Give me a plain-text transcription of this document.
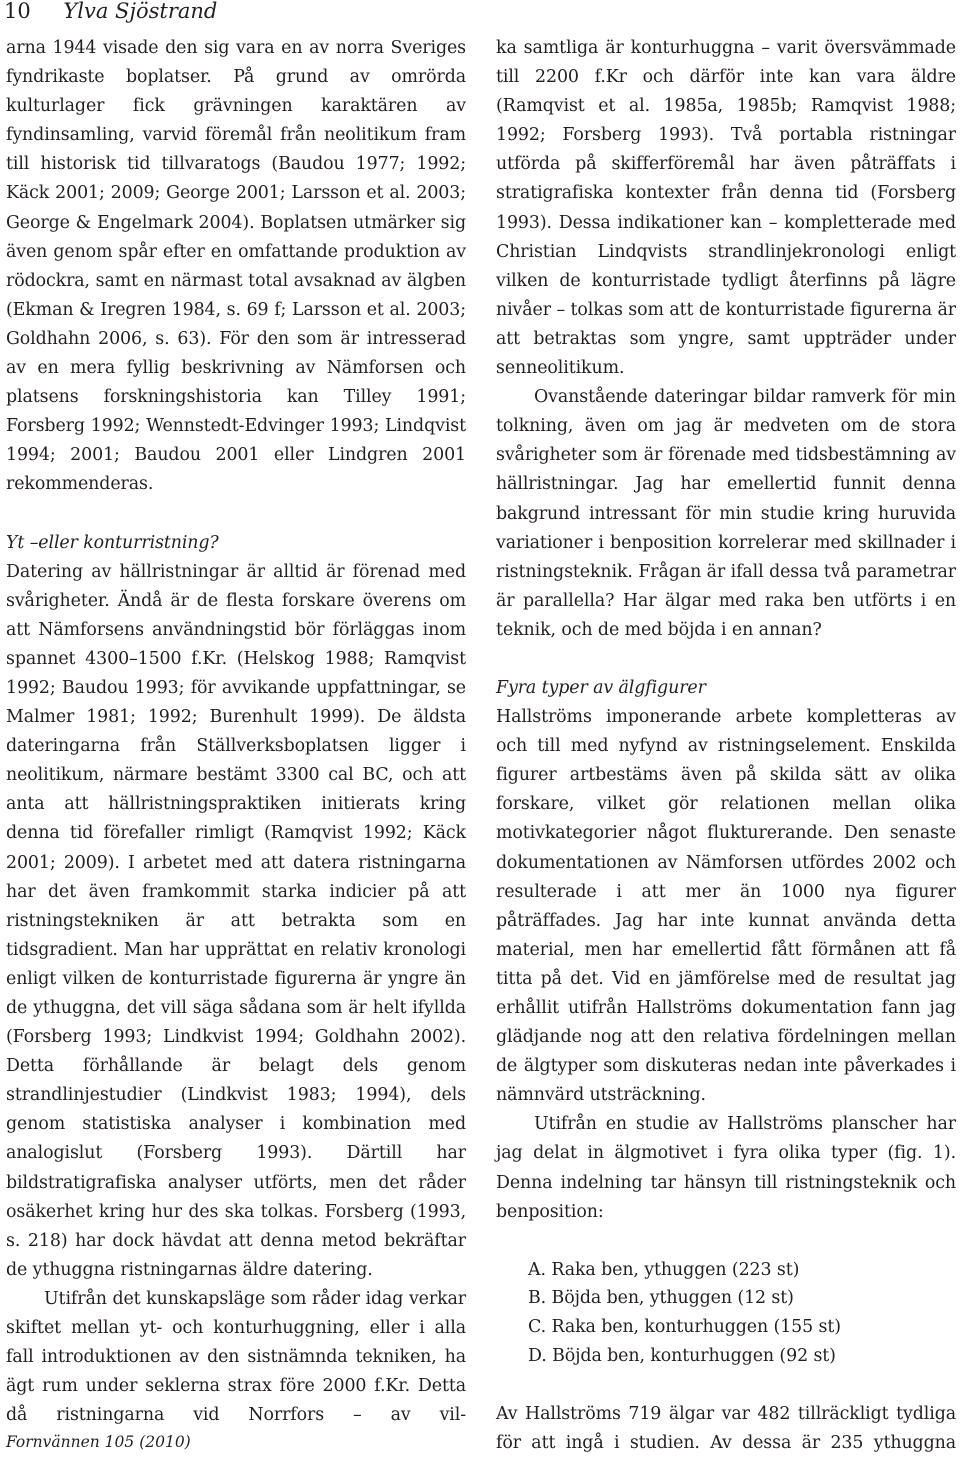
10 Ylva Sjöstrand

arna 1944 visade den sig vara en av norra Sveriges fyndrikaste boplatser. På grund av omrörda kulturlager fick grävningen karaktären av fyndinsamling, varvid föremål från neolitikum fram till historisk tid tillvaratogs (Baudou 1977; 1992; Käck 2001; 2009; George 2001; Larsson et al. 2003; George & Engelmark 2004). Boplatsen utmärker sig även genom spår efter en omfattande produktion av rödockra, samt en närmast total avsaknad av älgben (Ekman & Iregren 1984, s. 69 f; Larsson et al. 2003; Goldhahn 2006, s. 63). För den som är intresserad av en mera fyllig beskrivning av Nämforsen och platsens forskningshistoria kan Tilley 1991; Forsberg 1992; Wennstedt-Edvinger 1993; Lindqvist 1994; 2001; Baudou 2001 eller Lindgren 2001 rekommenderas.

Yt –eller konturristning?

Datering av hällristningar är alltid är förenad med svårigheter. Ändå är de flesta forskare överens om att Nämforsens användningstid bör förläggas inom spannet 4300–1500 f.Kr. (Helskog 1988; Ramqvist 1992; Baudou 1993; för avvikande uppfattningar, se Malmer 1981; 1992; Burenhult 1999). De äldsta dateringarna från Ställverksboplatsen ligger i neolitikum, närmare bestämt 3300 cal BC, och att anta att hällristningspraktiken initierats kring denna tid förefaller rimligt (Ramqvist 1992; Käck 2001; 2009). I arbetet med att datera ristningarna har det även framkommit starka indicier på att ristningstekniken är att betrakta som en tidsgradient. Man har upprättat en relativ kronologi enligt vilken de konturristade figurerna är yngre än de ythuggna, det vill säga sådana som är helt ifyllda (Forsberg 1993; Lindkvist 1994; Goldhahn 2002). Detta förhållande är belagt dels genom strandlinjestudier (Lindkvist 1983; 1994), dels genom statistiska analyser i kombination med analogislut (Forsberg 1993). Därtill har bildstratigrafiska analyser utförts, men det råder osäkerhet kring hur des ska tolkas. Forsberg (1993, s. 218) har dock hävdat att denna metod bekräftar de ythuggna ristningarnas äldre datering.

Utifrån det kunskapsläge som råder idag verkar skiftet mellan yt- och konturhuggning, eller i alla fall introduktionen av den sistnämnda tekniken, ha ägt rum under seklerna strax före 2000 f.Kr. Detta då ristningarna vid Norrfors – av vil-

ka samtliga är konturhuggna – varit översvämmade till 2200 f.Kr och därför inte kan vara äldre (Ramqvist et al. 1985a, 1985b; Ramqvist 1988; 1992; Forsberg 1993). Två portabla ristningar utförda på skifferföremål har även påträffats i stratigrafiska kontexter från denna tid (Forsberg 1993). Dessa indikationer kan – kompletterade med Christian Lindqvists strandlinjekronologi enligt vilken de konturristade tydligt återfinns på lägre nivåer – tolkas som att de konturristade figurerna är att betraktas som yngre, samt uppträder under senneolitikum.

Ovanstående dateringar bildar ramverk för min tolkning, även om jag är medveten om de stora svårigheter som är förenade med tidsbestämning av hällristningar. Jag har emellertid funnit denna bakgrund intressant för min studie kring huruvida variationer i benposition korrelerar med skillnader i ristningsteknik. Frågan är ifall dessa två parametrar är parallella? Har älgar med raka ben utförts i en teknik, och de med böjda i en annan?

Fyra typer av älgfigurer

Hallströms imponerande arbete kompletteras av och till med nyfynd av ristningselement. Enskilda figurer artbestäms även på skilda sätt av olika forskare, vilket gör relationen mellan olika motivkategorier något flukturerande. Den senaste dokumentationen av Nämforsen utfördes 2002 och resulterade i att mer än 1000 nya figurer påträffades. Jag har inte kunnat använda detta material, men har emellertid fått förmånen att få titta på det. Vid en jämförelse med de resultat jag erhållit utifrån Hallströms dokumentation fann jag glädjande nog att den relativa fördelningen mellan de älgtyper som diskuteras nedan inte påverkades i nämnvärd utsträckning.

Utifrån en studie av Hallströms planscher har jag delat in älgmotivet i fyra olika typer (fig. 1). Denna indelning tar hänsyn till ristningsteknik och benposition:

A. Raka ben, ythuggen (223 st)
B. Böjda ben, ythuggen (12 st)
C. Raka ben, konturhuggen (155 st)
D. Böjda ben, konturhuggen (92 st)

Av Hallströms 719 älgar var 482 tillräckligt tydliga för att ingå i studien. Av dessa är 235 ythuggna

Fornvännen 105 (2010)
